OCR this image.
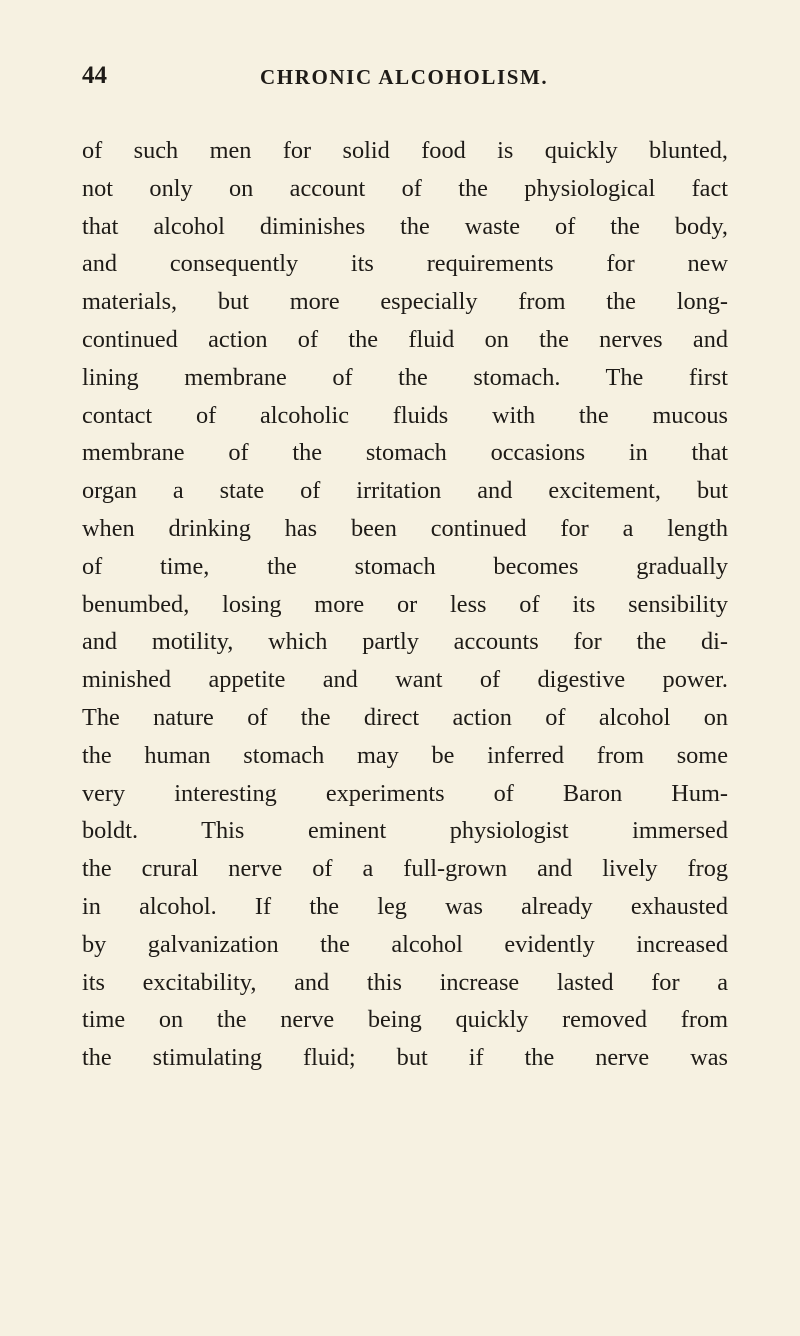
44	CHRONIC ALCOHOLISM.
of such men for solid food is quickly blunted,
not only on account of the physiological fact
that alcohol diminishes the waste of the body,
and consequently its requirements for new
materials, but more especially from the long-
continued action of the fluid on the nerves and
lining membrane of the stomach. The first
contact of alcoholic fluids with the mucous
membrane of the stomach occasions in that
organ a state of irritation and excitement, but
when drinking has been continued for a length
of time, the stomach becomes gradually
benumbed, losing more or less of its sensibility
and motility, which partly accounts for the di-
minished appetite and want of digestive power.
The nature of the direct action of alcohol on
the human stomach may be inferred from some
very interesting experiments of Baron Hum-
boldt. This eminent physiologist immersed
the crural nerve of a full-grown and lively frog
in alcohol. If the leg was already exhausted
by galvanization the alcohol evidently increased
its excitability, and this increase lasted for a
time on the nerve being quickly removed from
the stimulating fluid; but if the nerve was
